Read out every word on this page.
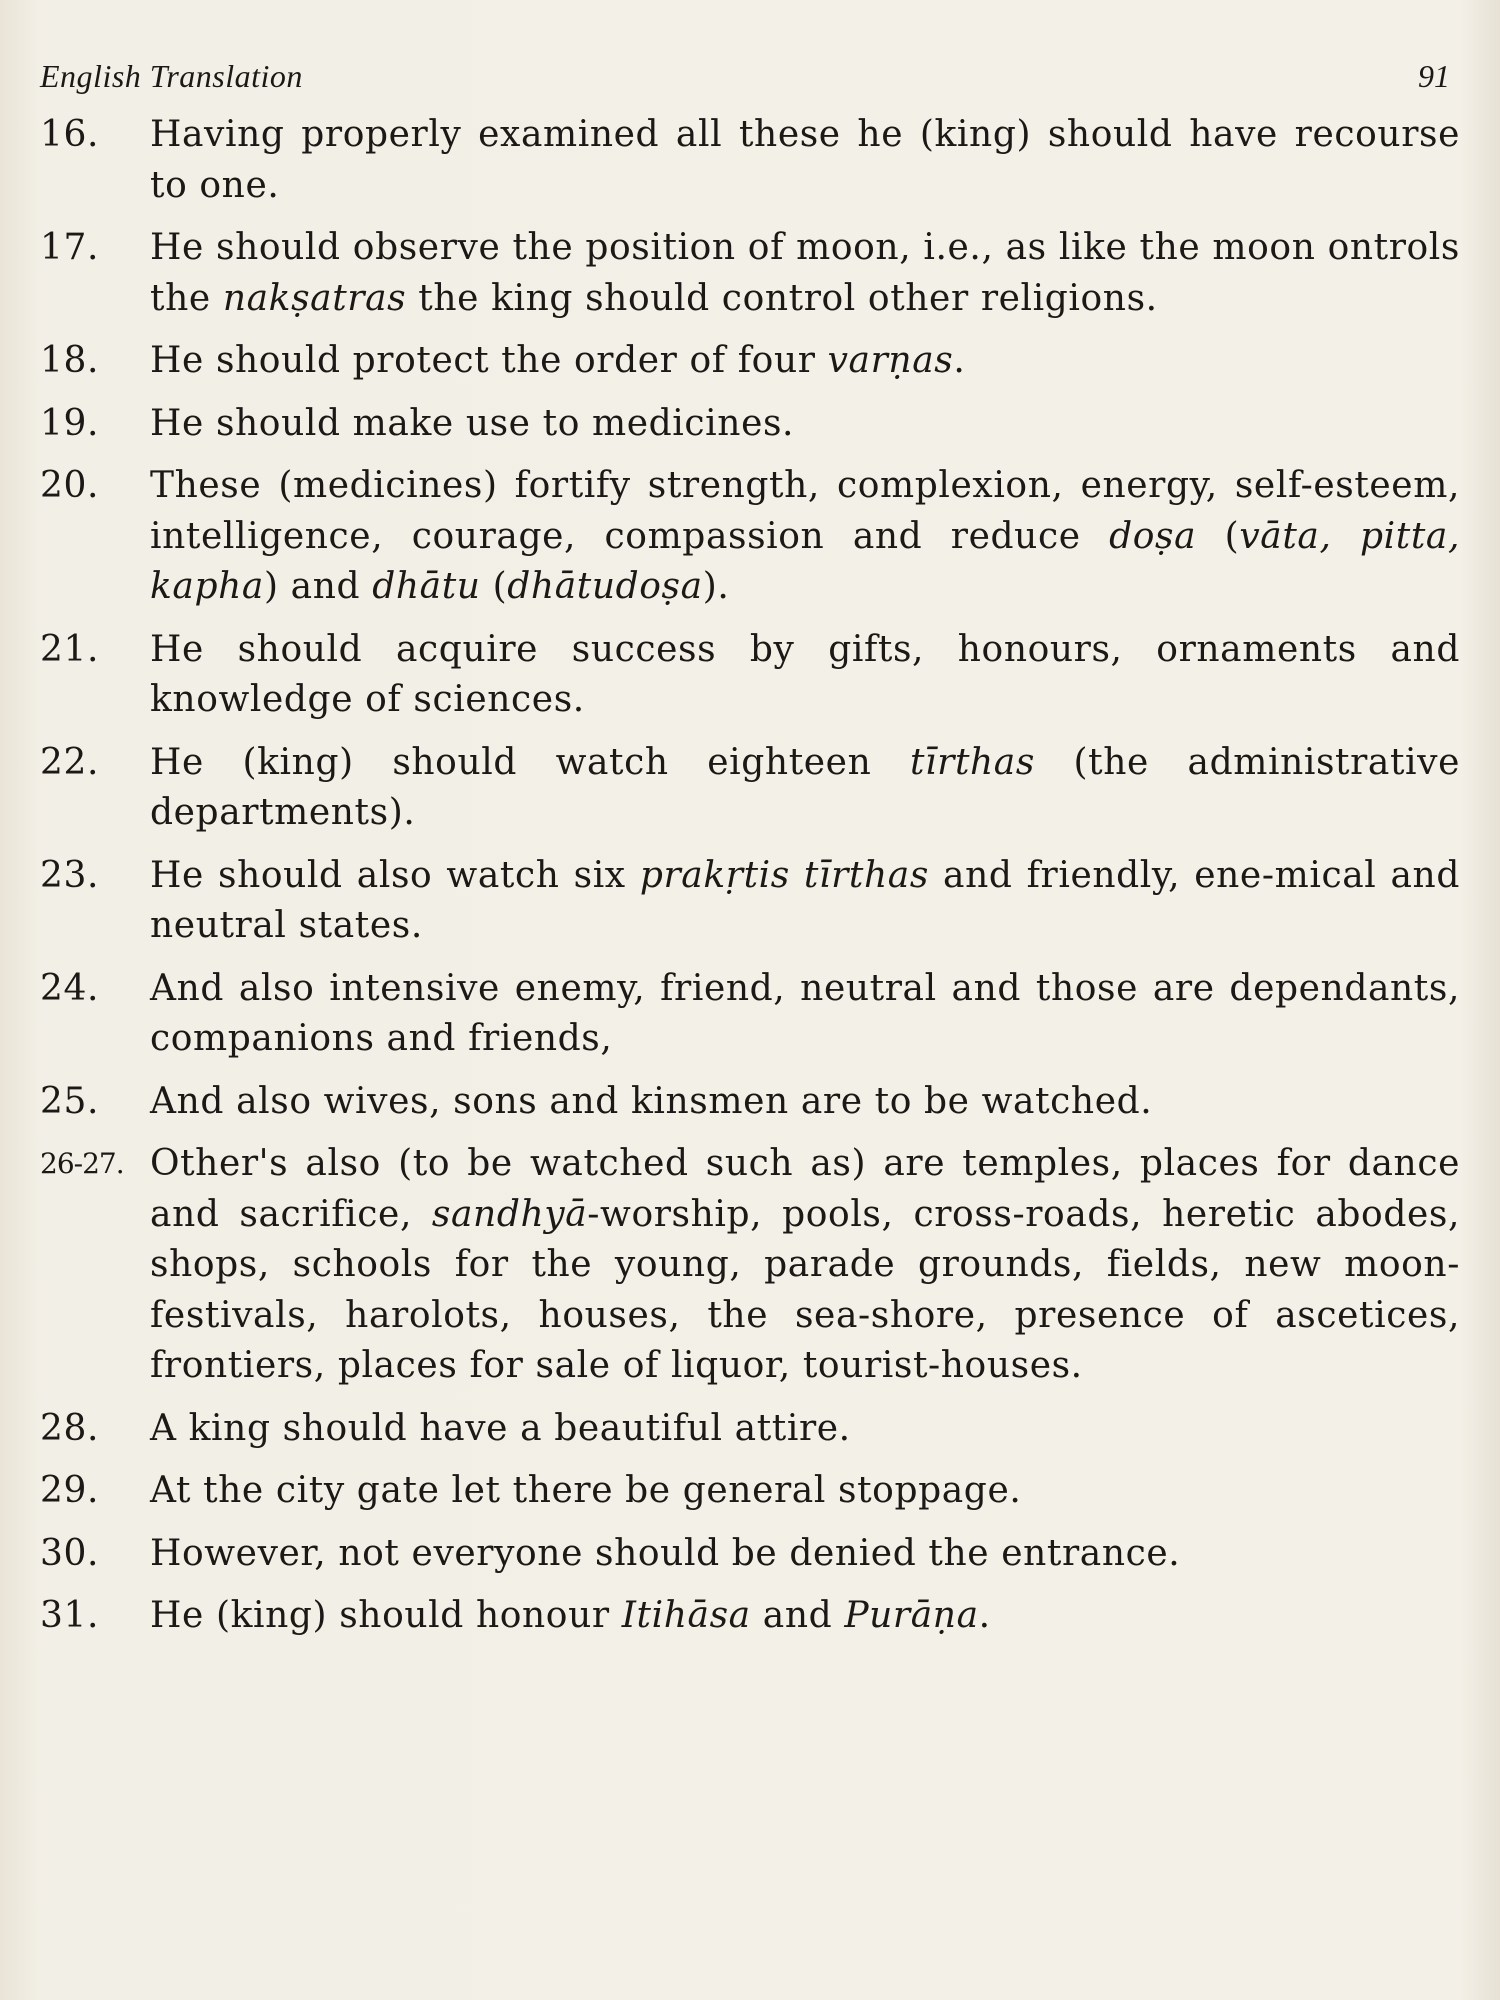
English Translation	91
16.	Having properly examined all these he (king) should have recourse to one.
17.	He should observe the position of moon, i.e., as like the moon ontrols the nakṣatras the king should control other religions.
18.	He should protect the order of four varṇas.
19.	He should make use to medicines.
20.	These (medicines) fortify strength, complexion, energy, self-esteem, intelligence, courage, compassion and reduce doṣa (vāta, pitta, kapha) and dhātu (dhātudoṣa).
21.	He should acquire success by gifts, honours, ornaments and knowledge of sciences.
22.	He (king) should watch eighteen tīrthas (the administrative departments).
23.	He should also watch six prakṛtis tīrthas and friendly, ene-mical and neutral states.
24.	And also intensive enemy, friend, neutral and those are dependants, companions and friends,
25.	And also wives, sons and kinsmen are to be watched.
26-27. Other's also (to be watched such as) are temples, places for dance and sacrifice, sandhyā-worship, pools, cross-roads, heretic abodes, shops, schools for the young, parade grounds, fields, new moon-festivals, harolots, houses, the sea-shore, presence of ascetices, frontiers, places for sale of liquor, tourist-houses.
28.	A king should have a beautiful attire.
29.	At the city gate let there be general stoppage.
30.	However, not everyone should be denied the entrance.
31.	He (king) should honour Itihāsa and Purāṇa.
